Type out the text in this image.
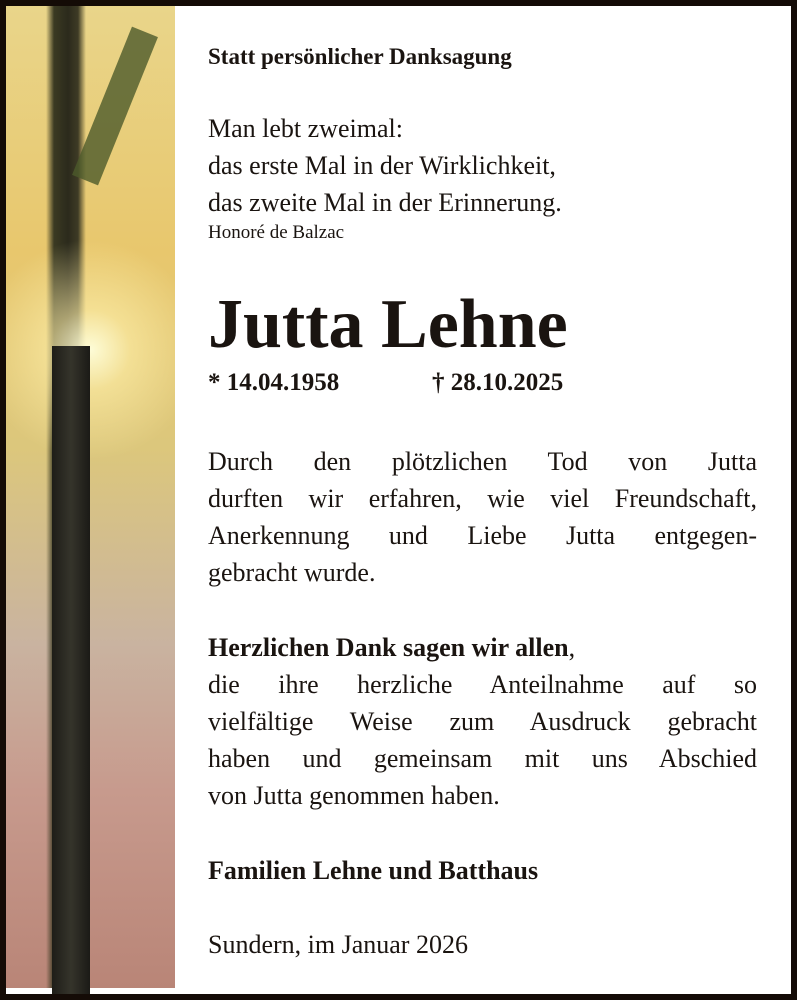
Statt persönlicher Danksagung
Man lebt zweimal:
das erste Mal in der Wirklichkeit,
das zweite Mal in der Erinnerung.
Honoré de Balzac
Jutta Lehne
* 14.04.1958	† 28.10.2025
Durch den plötzlichen Tod von Jutta
durften wir erfahren, wie viel Freundschaft,
Anerkennung und Liebe Jutta entgegen-
gebracht wurde.
Herzlichen Dank sagen wir allen,
die ihre herzliche Anteilnahme auf so
vielfältige Weise zum Ausdruck gebracht
haben und gemeinsam mit uns Abschied
von Jutta genommen haben.
Familien Lehne und Batthaus
Sundern, im Januar 2026
